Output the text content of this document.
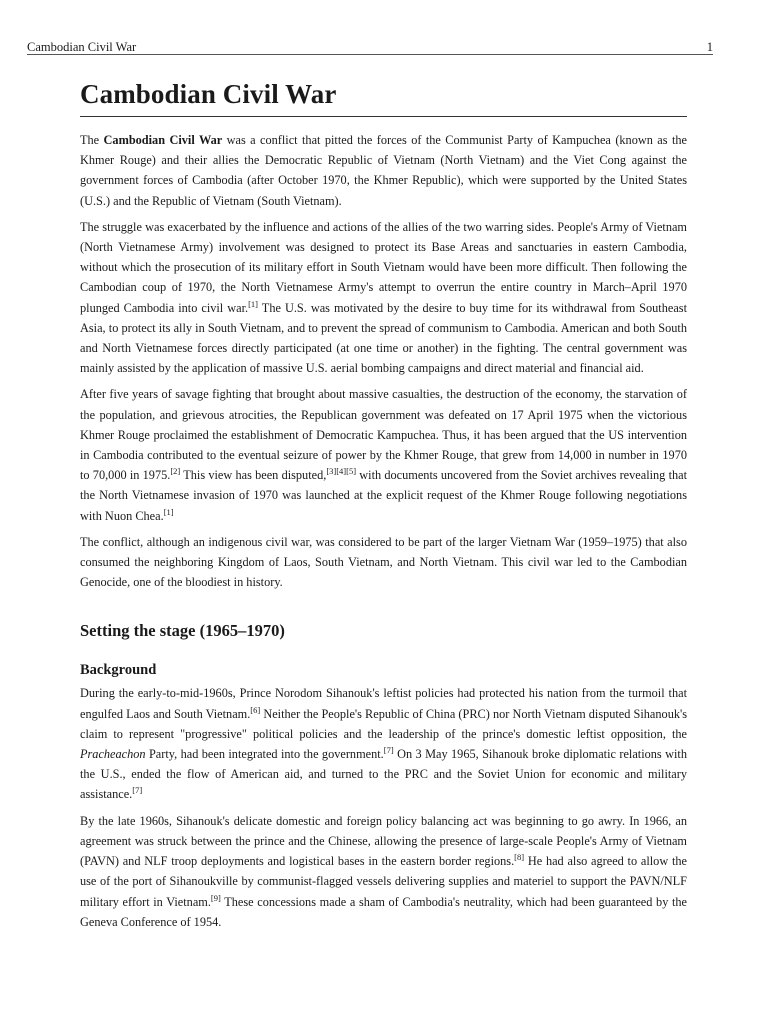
Cambodian Civil War	1
Cambodian Civil War

The Cambodian Civil War was a conflict that pitted the forces of the Communist Party of Kampuchea (known as the Khmer Rouge) and their allies the Democratic Republic of Vietnam (North Vietnam) and the Viet Cong against the government forces of Cambodia (after October 1970, the Khmer Republic), which were supported by the United States (U.S.) and the Republic of Vietnam (South Vietnam).

The struggle was exacerbated by the influence and actions of the allies of the two warring sides. People's Army of Vietnam (North Vietnamese Army) involvement was designed to protect its Base Areas and sanctuaries in eastern Cambodia, without which the prosecution of its military effort in South Vietnam would have been more difficult. Then following the Cambodian coup of 1970, the North Vietnamese Army's attempt to overrun the entire country in March–April 1970 plunged Cambodia into civil war.[1] The U.S. was motivated by the desire to buy time for its withdrawal from Southeast Asia, to protect its ally in South Vietnam, and to prevent the spread of communism to Cambodia. American and both South and North Vietnamese forces directly participated (at one time or another) in the fighting. The central government was mainly assisted by the application of massive U.S. aerial bombing campaigns and direct material and financial aid.

After five years of savage fighting that brought about massive casualties, the destruction of the economy, the starvation of the population, and grievous atrocities, the Republican government was defeated on 17 April 1975 when the victorious Khmer Rouge proclaimed the establishment of Democratic Kampuchea. Thus, it has been argued that the US intervention in Cambodia contributed to the eventual seizure of power by the Khmer Rouge, that grew from 14,000 in number in 1970 to 70,000 in 1975.[2] This view has been disputed,[3][4][5] with documents uncovered from the Soviet archives revealing that the North Vietnamese invasion of 1970 was launched at the explicit request of the Khmer Rouge following negotiations with Nuon Chea.[1]

The conflict, although an indigenous civil war, was considered to be part of the larger Vietnam War (1959–1975) that also consumed the neighboring Kingdom of Laos, South Vietnam, and North Vietnam. This civil war led to the Cambodian Genocide, one of the bloodiest in history.

Setting the stage (1965–1970)
Background

During the early-to-mid-1960s, Prince Norodom Sihanouk's leftist policies had protected his nation from the turmoil that engulfed Laos and South Vietnam.[6] Neither the People's Republic of China (PRC) nor North Vietnam disputed Sihanouk's claim to represent "progressive" political policies and the leadership of the prince's domestic leftist opposition, the Pracheachon Party, had been integrated into the government.[7] On 3 May 1965, Sihanouk broke diplomatic relations with the U.S., ended the flow of American aid, and turned to the PRC and the Soviet Union for economic and military assistance.[7]

By the late 1960s, Sihanouk's delicate domestic and foreign policy balancing act was beginning to go awry. In 1966, an agreement was struck between the prince and the Chinese, allowing the presence of large-scale People's Army of Vietnam (PAVN) and NLF troop deployments and logistical bases in the eastern border regions.[8] He had also agreed to allow the use of the port of Sihanoukville by communist-flagged vessels delivering supplies and materiel to support the PAVN/NLF military effort in Vietnam.[9] These concessions made a sham of Cambodia's neutrality, which had been guaranteed by the Geneva Conference of 1954.
